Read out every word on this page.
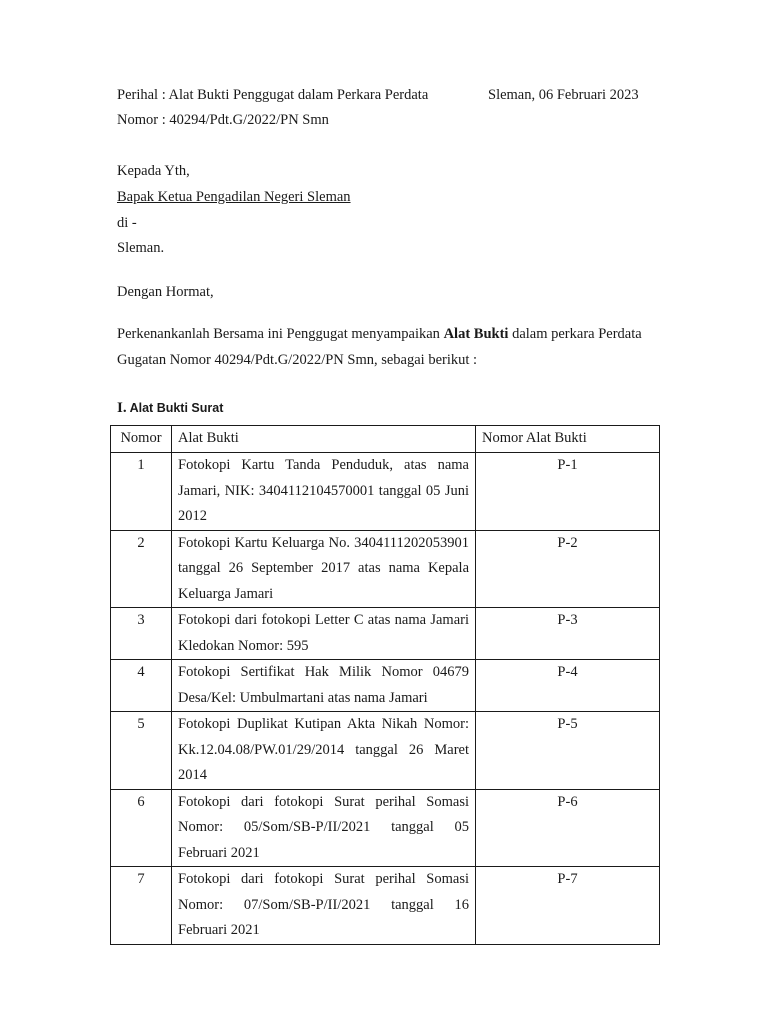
Perihal : Alat Bukti Penggugat dalam Perkara Perdata	Sleman, 06 Februari 2023
Nomor : 40294/Pdt.G/2022/PN Smn
Kepada Yth,
Bapak Ketua Pengadilan Negeri Sleman
di -
Sleman.
Dengan Hormat,
Perkenankanlah Bersama ini Penggugat menyampaikan Alat Bukti dalam perkara Perdata Gugatan Nomor 40294/Pdt.G/2022/PN Smn, sebagai berikut :
I. Alat Bukti Surat
Nomor	Alat Bukti	Nomor Alat Bukti
1	Fotokopi Kartu Tanda Penduduk, atas nama Jamari, NIK: 3404112104570001 tanggal 05 Juni 2012	P-1
2	Fotokopi Kartu Keluarga No. 3404111202053901 tanggal 26 September 2017 atas nama Kepala Keluarga Jamari	P-2
3	Fotokopi dari fotokopi Letter C atas nama Jamari Kledokan Nomor: 595	P-3
4	Fotokopi Sertifikat Hak Milik Nomor 04679 Desa/Kel: Umbulmartani atas nama Jamari	P-4
5	Fotokopi Duplikat Kutipan Akta Nikah Nomor: Kk.12.04.08/PW.01/29/2014 tanggal 26 Maret 2014	P-5
6	Fotokopi dari fotokopi Surat perihal Somasi Nomor: 05/Som/SB-P/II/2021 tanggal 05 Februari 2021	P-6
7	Fotokopi dari fotokopi Surat perihal Somasi Nomor: 07/Som/SB-P/II/2021 tanggal 16 Februari 2021	P-7
